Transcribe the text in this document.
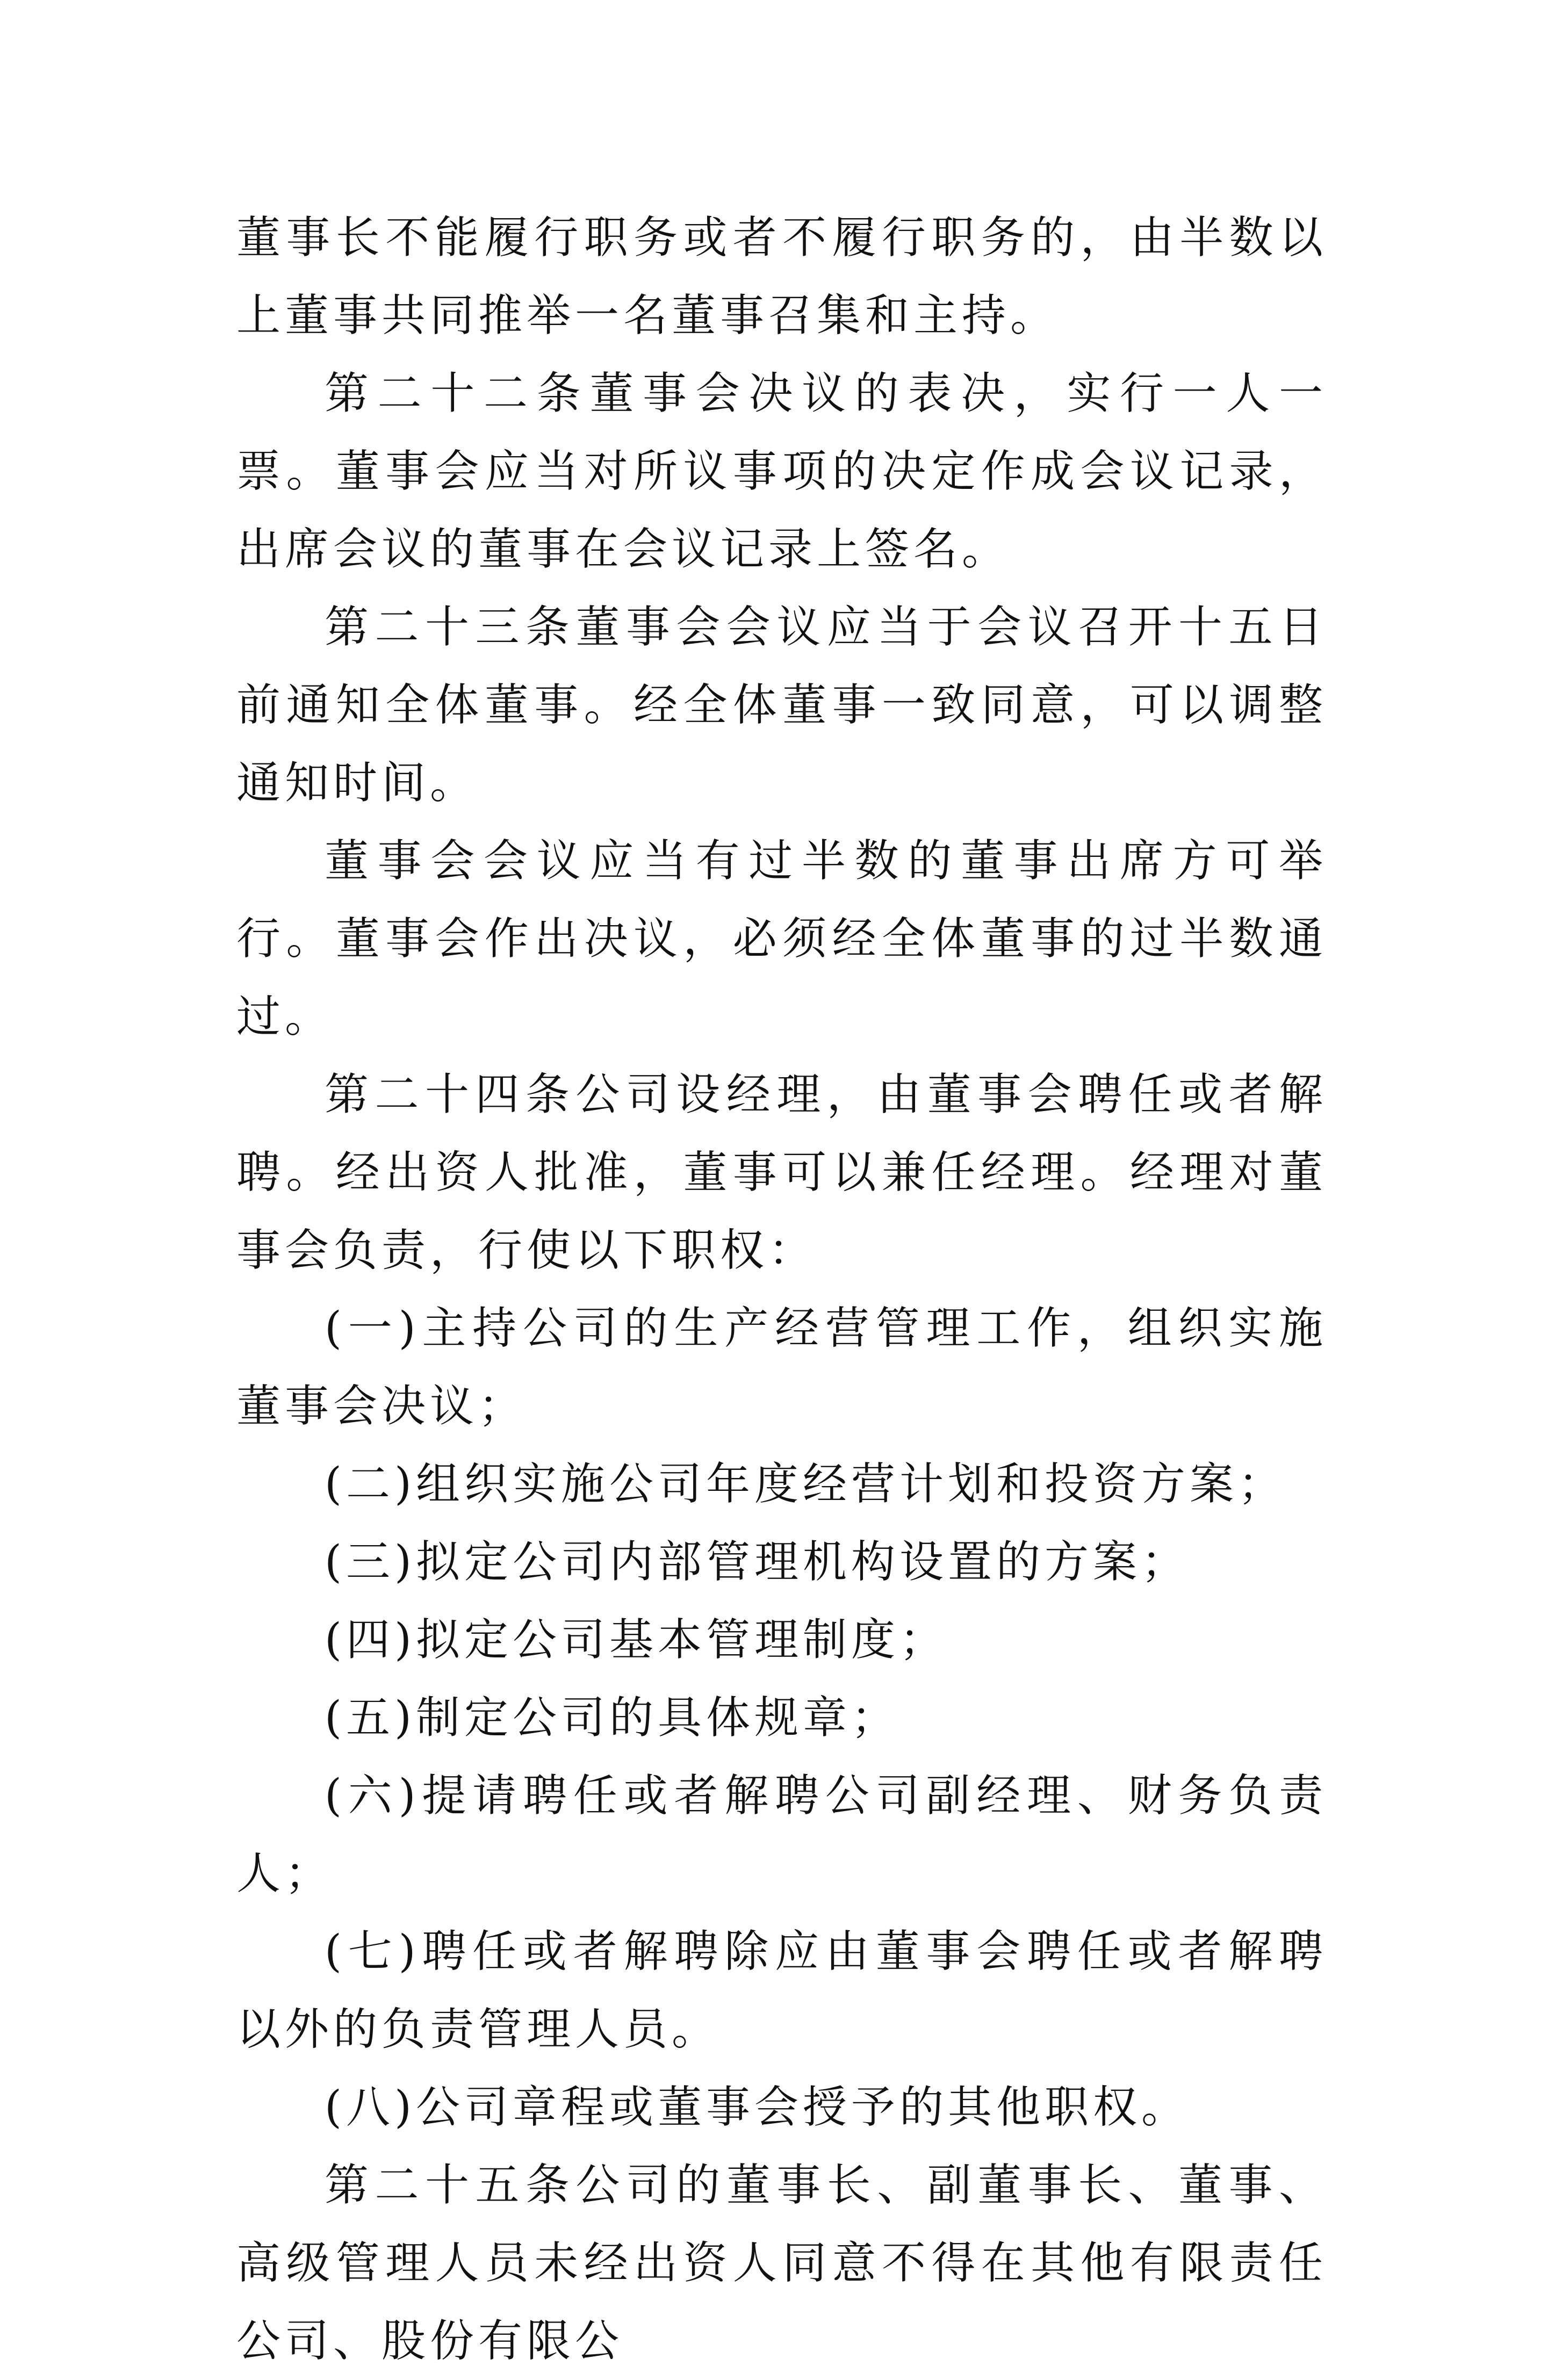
董事长不能履行职务或者不履行职务的，由半数以上董事共同推举一名董事召集和主持。

第二十二条董事会决议的表决，实行一人一票。董事会应当对所议事项的决定作成会议记录，出席会议的董事在会议记录上签名。

第二十三条董事会会议应当于会议召开十五日前通知全体董事。经全体董事一致同意，可以调整通知时间。

董事会会议应当有过半数的董事出席方可举行。董事会作出决议，必须经全体董事的过半数通过。

第二十四条公司设经理，由董事会聘任或者解聘。经出资人批准，董事可以兼任经理。经理对董事会负责，行使以下职权：

(一)主持公司的生产经营管理工作，组织实施董事会决议；

(二)组织实施公司年度经营计划和投资方案；

(三)拟定公司内部管理机构设置的方案；

(四)拟定公司基本管理制度；

(五)制定公司的具体规章；

(六)提请聘任或者解聘公司副经理、财务负责人；

(七)聘任或者解聘除应由董事会聘任或者解聘以外的负责管理人员。

(八)公司章程或董事会授予的其他职权。

第二十五条公司的董事长、副董事长、董事、高级管理人员未经出资人同意不得在其他有限责任公司、股份有限公
